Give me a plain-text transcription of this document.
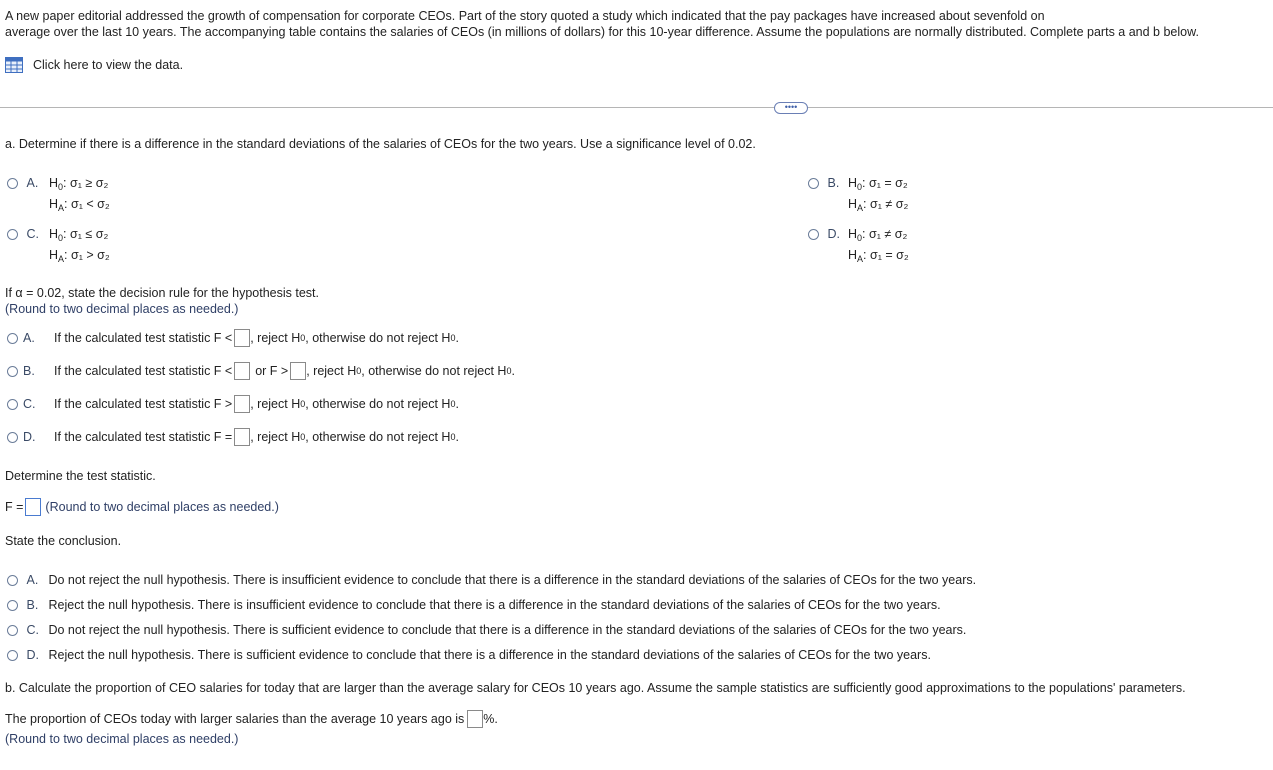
A new paper editorial addressed the growth of compensation for corporate CEOs. Part of the story quoted a study which indicated that the pay packages have increased about sevenfold on
average over the last 10 years. The accompanying table contains the salaries of CEOs (in millions of dollars) for this 10-year difference. Assume the populations are normally distributed. Complete parts a and b below.
Click here to view the data.
••••
a. Determine if there is a difference in the standard deviations of the salaries of CEOs for the two years. Use a significance level of 0.02.
A. $H_0$: σ₁ ≥ σ₂
$H_A$: σ₁ < σ₂
B. $H_0$: σ₁ = σ₂
$H_A$: σ₁ ≠ σ₂
C. $H_0$: σ₁ ≤ σ₂
$H_A$: σ₁ > σ₂
D. $H_0$: σ₁ ≠ σ₂
$H_A$: σ₁ = σ₂
If α = 0.02, state the decision rule for the hypothesis test.
(Round to two decimal places as needed.)
A.	If the calculated test statistic F < , reject H 0 , otherwise do not reject H 0 .
B.	If the calculated test statistic F < or F > , reject H 0 , otherwise do not reject H 0 .
C.	If the calculated test statistic F > , reject H 0 , otherwise do not reject H 0 .
D.	If the calculated test statistic F = , reject H 0 , otherwise do not reject H 0 .
Determine the test statistic.
F = (Round to two decimal places as needed.)
State the conclusion.
A. Do not reject the null hypothesis. There is insufficient evidence to conclude that there is a difference in the standard deviations of the salaries of CEOs for the two years.
B. Reject the null hypothesis. There is insufficient evidence to conclude that there is a difference in the standard deviations of the salaries of CEOs for the two years.
C. Do not reject the null hypothesis. There is sufficient evidence to conclude that there is a difference in the standard deviations of the salaries of CEOs for the two years.
D. Reject the null hypothesis. There is sufficient evidence to conclude that there is a difference in the standard deviations of the salaries of CEOs for the two years.
b. Calculate the proportion of CEO salaries for today that are larger than the average salary for CEOs 10 years ago. Assume the sample statistics are sufficiently good approximations to the populations' parameters.
The proportion of CEOs today with larger salaries than the average 10 years ago is %.
(Round to two decimal places as needed.)
